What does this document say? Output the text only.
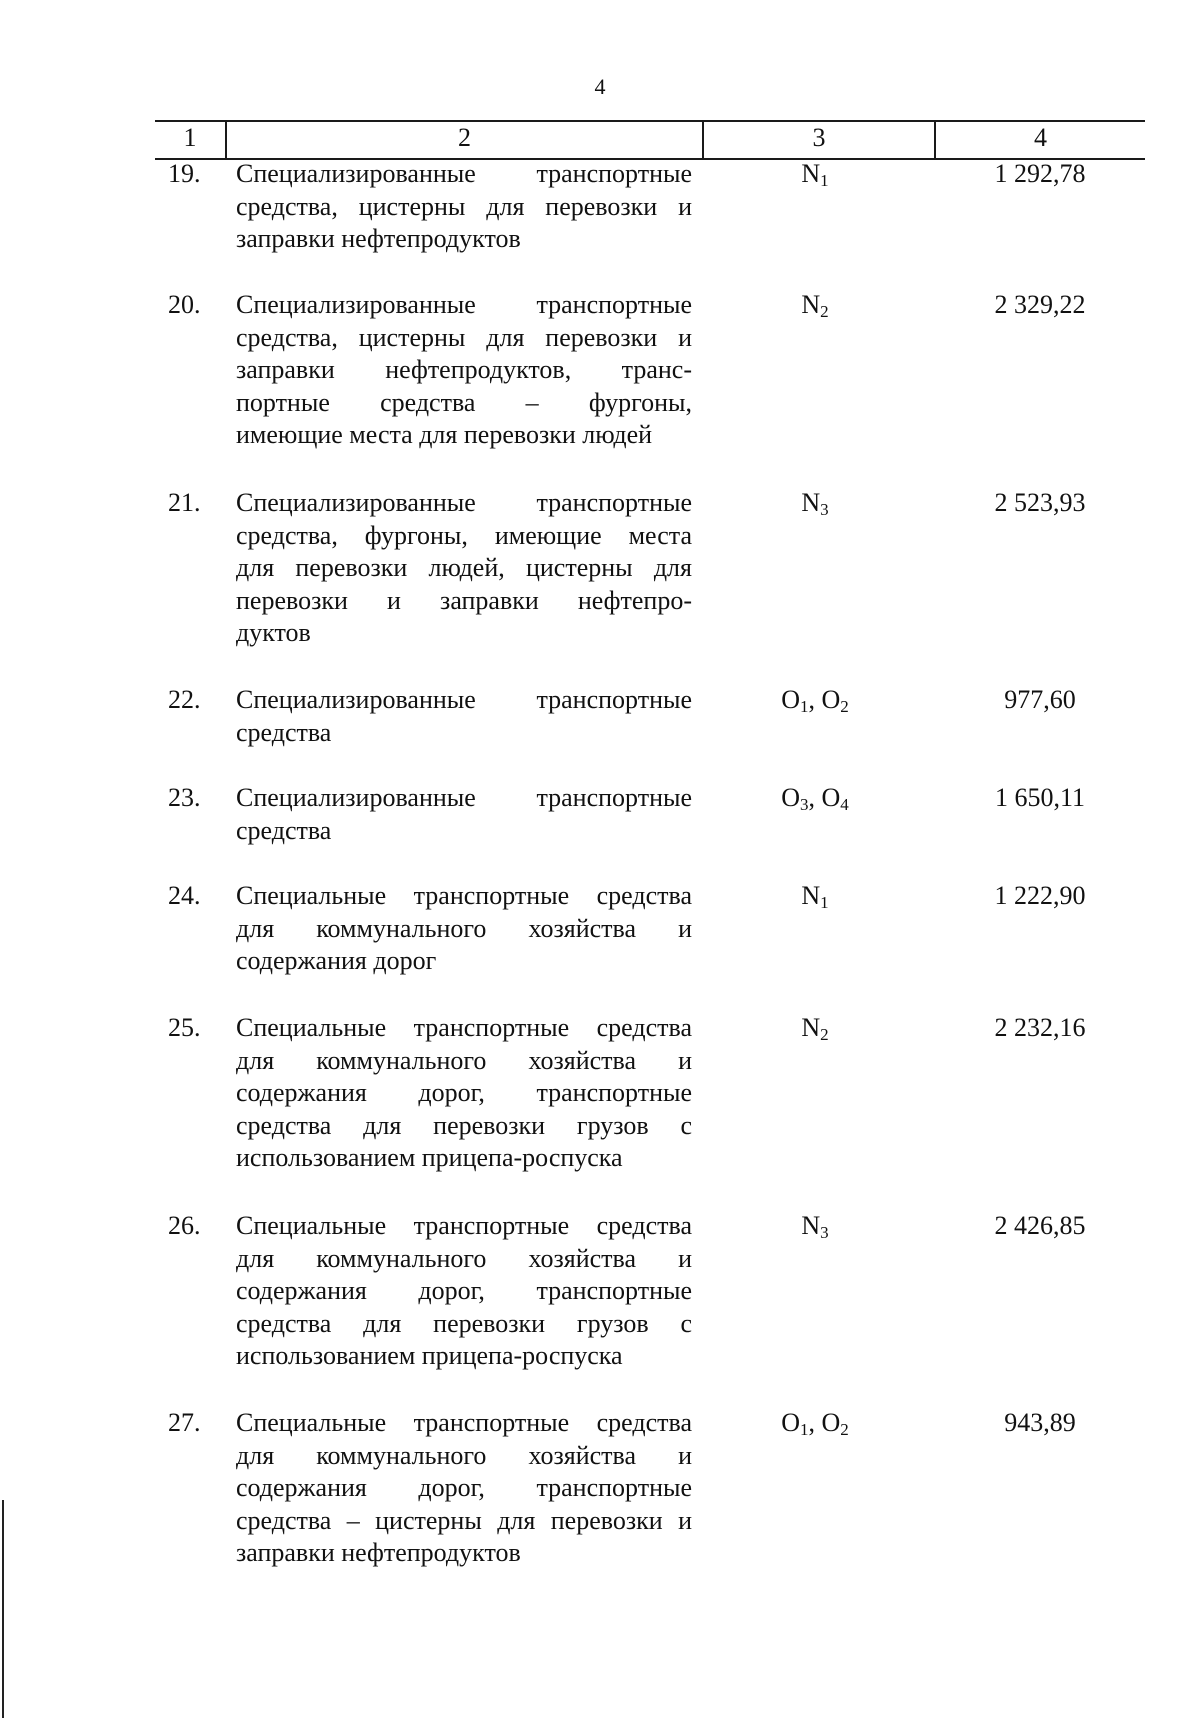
4
1	2	3	4
19.	Специализированные транспортные
средства, цистерны для перевозки и
заправки нефтепродуктов
$N_1$	1 292,78
20.	Специализированные транспортные
средства, цистерны для перевозки и
заправки нефтепродуктов, транс-
портные средства – фургоны,
имеющие места для перевозки людей
$N_2$	2 329,22
21.	Специализированные транспортные
средства, фургоны, имеющие места
для перевозки людей, цистерны для
перевозки и заправки нефтепро-
дуктов
$N_3$	2 523,93
22.	Специализированные транспортные
средства
$O_1$, $O_2$	977,60
23.	Специализированные транспортные
средства
$O_3$, $O_4$	1 650,11
24.	Специальные транспортные средства
для коммунального хозяйства и
содержания дорог
$N_1$	1 222,90
25.	Специальные транспортные средства
для коммунального хозяйства и
содержания дорог, транспортные
средства для перевозки грузов с
использованием прицепа-роспуска
$N_2$	2 232,16
26.	Специальные транспортные средства
для коммунального хозяйства и
содержания дорог, транспортные
средства для перевозки грузов с
использованием прицепа-роспуска
$N_3$	2 426,85
27.	Специальные транспортные средства
для коммунального хозяйства и
содержания дорог, транспортные
средства – цистерны для перевозки и
заправки нефтепродуктов
$O_1$, $O_2$	943,89
